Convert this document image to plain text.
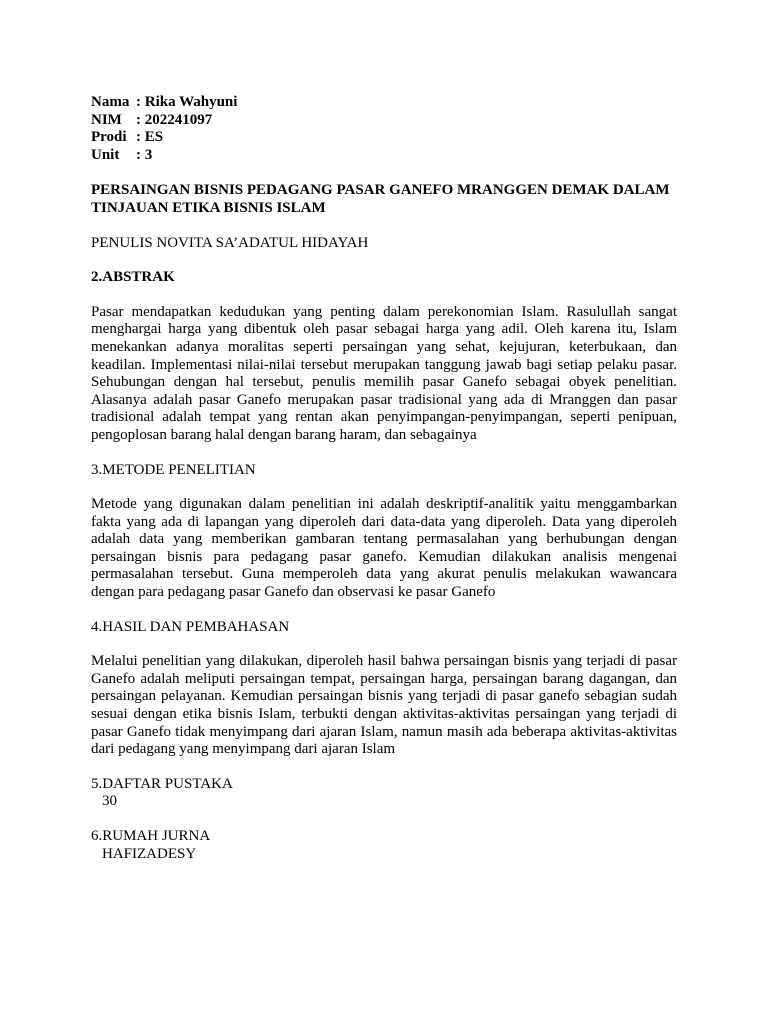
Nama : Rika Wahyuni
NIM : 202241097
Prodi : ES
Unit	: 3
PERSAINGAN BISNIS PEDAGANG PASAR GANEFO MRANGGEN DEMAK DALAM TINJAUAN ETIKA BISNIS ISLAM
PENULIS NOVITA SA’ADATUL HIDAYAH
2.ABSTRAK
Pasar mendapatkan kedudukan yang penting dalam perekonomian Islam. Rasulullah sangat menghargai harga yang dibentuk oleh pasar sebagai harga yang adil. Oleh karena itu, Islam menekankan adanya moralitas seperti persaingan yang sehat, kejujuran, keterbukaan, dan keadilan. Implementasi nilai-nilai tersebut merupakan tanggung jawab bagi setiap pelaku pasar. Sehubungan dengan hal tersebut, penulis memilih pasar Ganefo sebagai obyek penelitian. Alasanya adalah pasar Ganefo merupakan pasar tradisional yang ada di Mranggen dan pasar tradisional adalah tempat yang rentan akan penyimpangan-penyimpangan, seperti penipuan, pengoplosan barang halal dengan barang haram, dan sebagainya
3.METODE PENELITIAN
Metode yang digunakan dalam penelitian ini adalah deskriptif-analitik yaitu menggambarkan fakta yang ada di lapangan yang diperoleh dari data-data yang diperoleh. Data yang diperoleh adalah data yang memberikan gambaran tentang permasalahan yang berhubungan dengan persaingan bisnis para pedagang pasar ganefo. Kemudian dilakukan analisis mengenai permasalahan tersebut. Guna memperoleh data yang akurat penulis melakukan wawancara dengan para pedagang pasar Ganefo dan observasi ke pasar Ganefo
4.HASIL DAN PEMBAHASAN
Melalui penelitian yang dilakukan, diperoleh hasil bahwa persaingan bisnis yang terjadi di pasar Ganefo adalah meliputi persaingan tempat, persaingan harga, persaingan barang dagangan, dan persaingan pelayanan. Kemudian persaingan bisnis yang terjadi di pasar ganefo sebagian sudah sesuai dengan etika bisnis Islam, terbukti dengan aktivitas-aktivitas persaingan yang terjadi di pasar Ganefo tidak menyimpang dari ajaran Islam, namun masih ada beberapa aktivitas-aktivitas dari pedagang yang menyimpang dari ajaran Islam
5.DAFTAR PUSTAKA
30
6.RUMAH JURNA
HAFIZADESY
